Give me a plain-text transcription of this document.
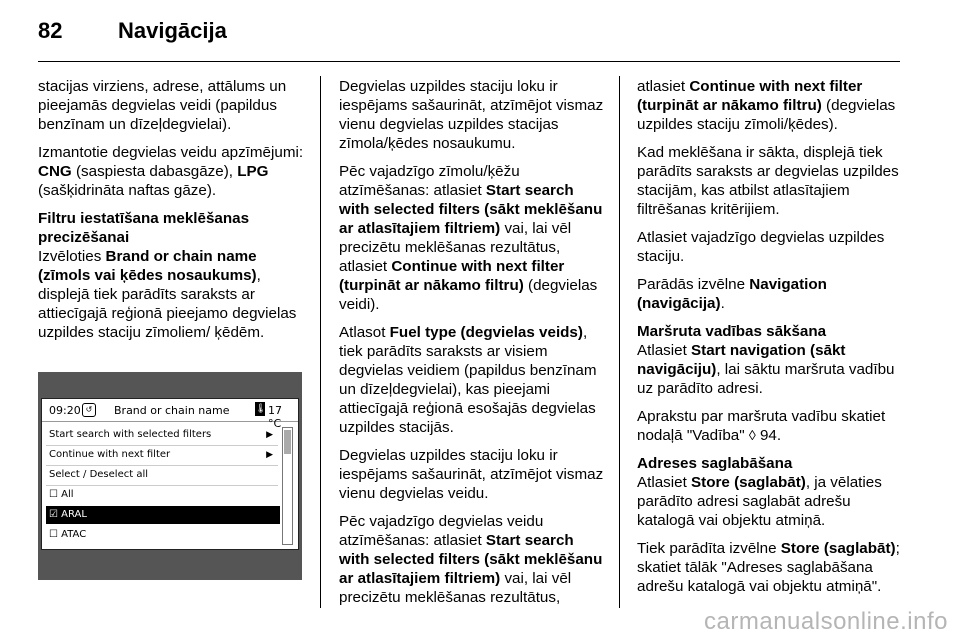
82	Navigācija

stacijas virziens, adrese, attālums un pieejamās degvielas veidi (papildus benzīnam un dīzeļdegvielai).

Izmantotie degvielas veidu apzīmējumi: CNG (saspiesta dabasgāze), LPG (sašķidrināta naftas gāze).

Filtru iestatīšana meklēšanas precizēšanai

Izvēloties Brand or chain name (zīmols vai ķēdes nosaukums), displejā tiek parādīts saraksts ar attiecīgajā reģionā pieejamo degvielas uzpildes staciju zīmoliem/ ķēdēm.

09:20 ↺	Brand or chain name	🌡 17 °C
Start search with selected filters	▶
Continue with next filter	▶
Select / Deselect all
☐ All
☑ ARAL
☐ ATAC

Degvielas uzpildes staciju loku ir iespējams sašaurināt, atzīmējot vismaz vienu degvielas uzpildes stacijas zīmola/ķēdes nosaukumu.

Pēc vajadzīgo zīmolu/ķēžu atzīmēšanas: atlasiet Start search with selected filters (sākt meklēšanu ar atlasītajiem filtriem) vai, lai vēl precizētu meklēšanas rezultātus, atlasiet Continue with next filter (turpināt ar nākamo filtru) (degvielas veidi).

Atlasot Fuel type (degvielas veids), tiek parādīts saraksts ar visiem degvielas veidiem (papildus benzīnam un dīzeļdegvielai), kas pieejami attiecīgajā reģionā esošajās degvielas uzpildes stacijās.

Degvielas uzpildes staciju loku ir iespējams sašaurināt, atzīmējot vismaz vienu degvielas veidu.

Pēc vajadzīgo degvielas veidu atzīmēšanas: atlasiet Start search with selected filters (sākt meklēšanu ar atlasītajiem filtriem) vai, lai vēl precizētu meklēšanas rezultātus,

atlasiet Continue with next filter (turpināt ar nākamo filtru) (degvielas uzpildes staciju zīmoli/ķēdes).

Kad meklēšana ir sākta, displejā tiek parādīts saraksts ar degvielas uzpildes stacijām, kas atbilst atlasītajiem filtrēšanas kritērijiem.

Atlasiet vajadzīgo degvielas uzpildes staciju.

Parādās izvēlne Navigation (navigācija).

Maršruta vadības sākšana

Atlasiet Start navigation (sākt navigāciju), lai sāktu maršruta vadību uz parādīto adresi.

Aprakstu par maršruta vadību skatiet nodaļā "Vadība" ◊ 94.

Adreses saglabāšana

Atlasiet Store (saglabāt), ja vēlaties parādīto adresi saglabāt adrešu katalogā vai objektu atmiņā.

Tiek parādīta izvēlne Store (saglabāt); skatiet tālāk "Adreses saglabāšana adrešu katalogā vai objektu atmiņā".

carmanualsonline.info
